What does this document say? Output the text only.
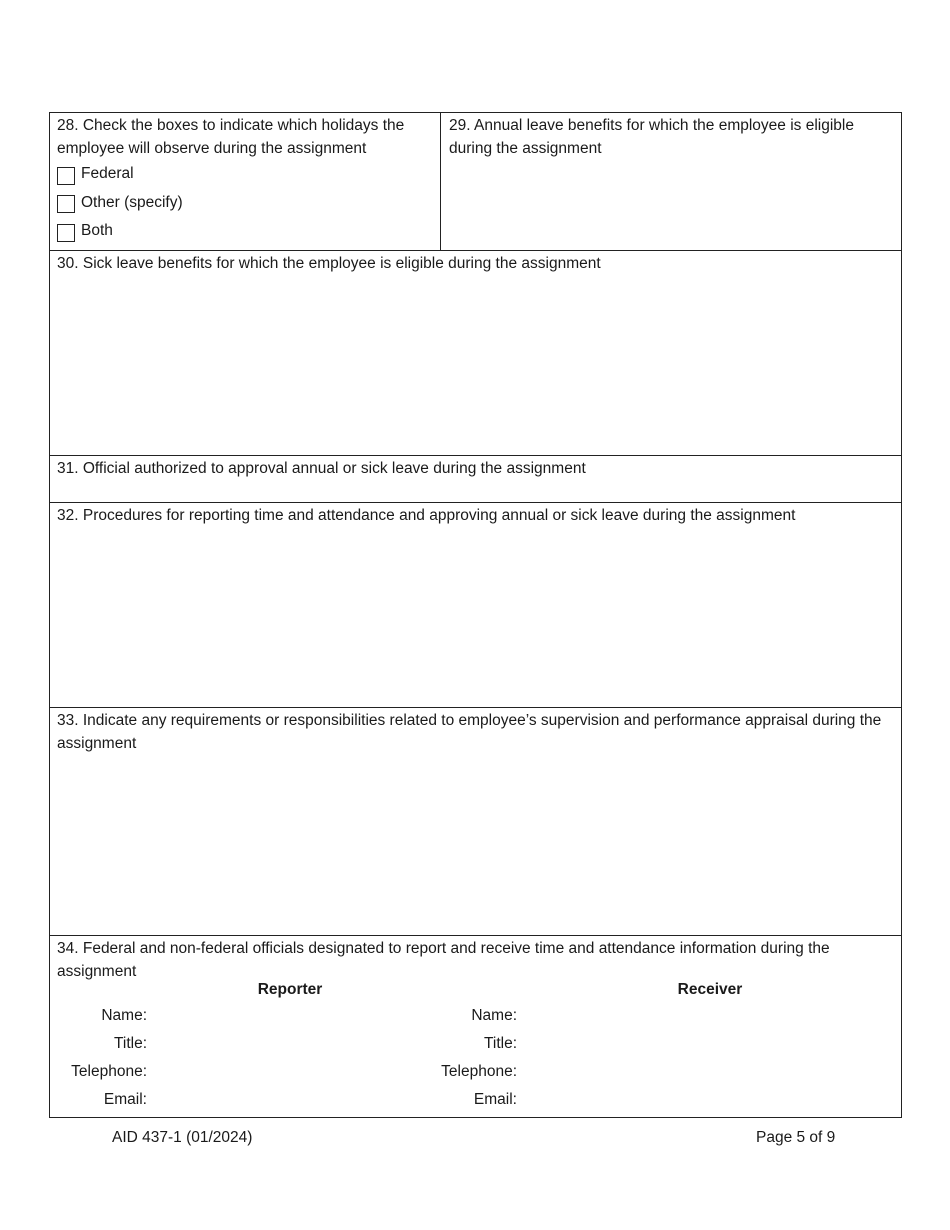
28. Check the boxes to indicate which holidays the employee will observe during the assignment
Federal
Other (specify)
Both
29. Annual leave benefits for which the employee is eligible during the assignment
30. Sick leave benefits for which the employee is eligible during the assignment
31. Official authorized to approval annual or sick leave during the assignment
32. Procedures for reporting time and attendance and approving annual or sick leave during the assignment
33. Indicate any requirements or responsibilities related to employee’s supervision and performance appraisal during the assignment
34. Federal and non-federal officials designated to report and receive time and attendance information during the assignment
Reporter	Receiver
Name:
Title:
Telephone:
Email:
Name:
Title:
Telephone:
Email:
AID 437-1 (01/2024)	Page 5 of 9
